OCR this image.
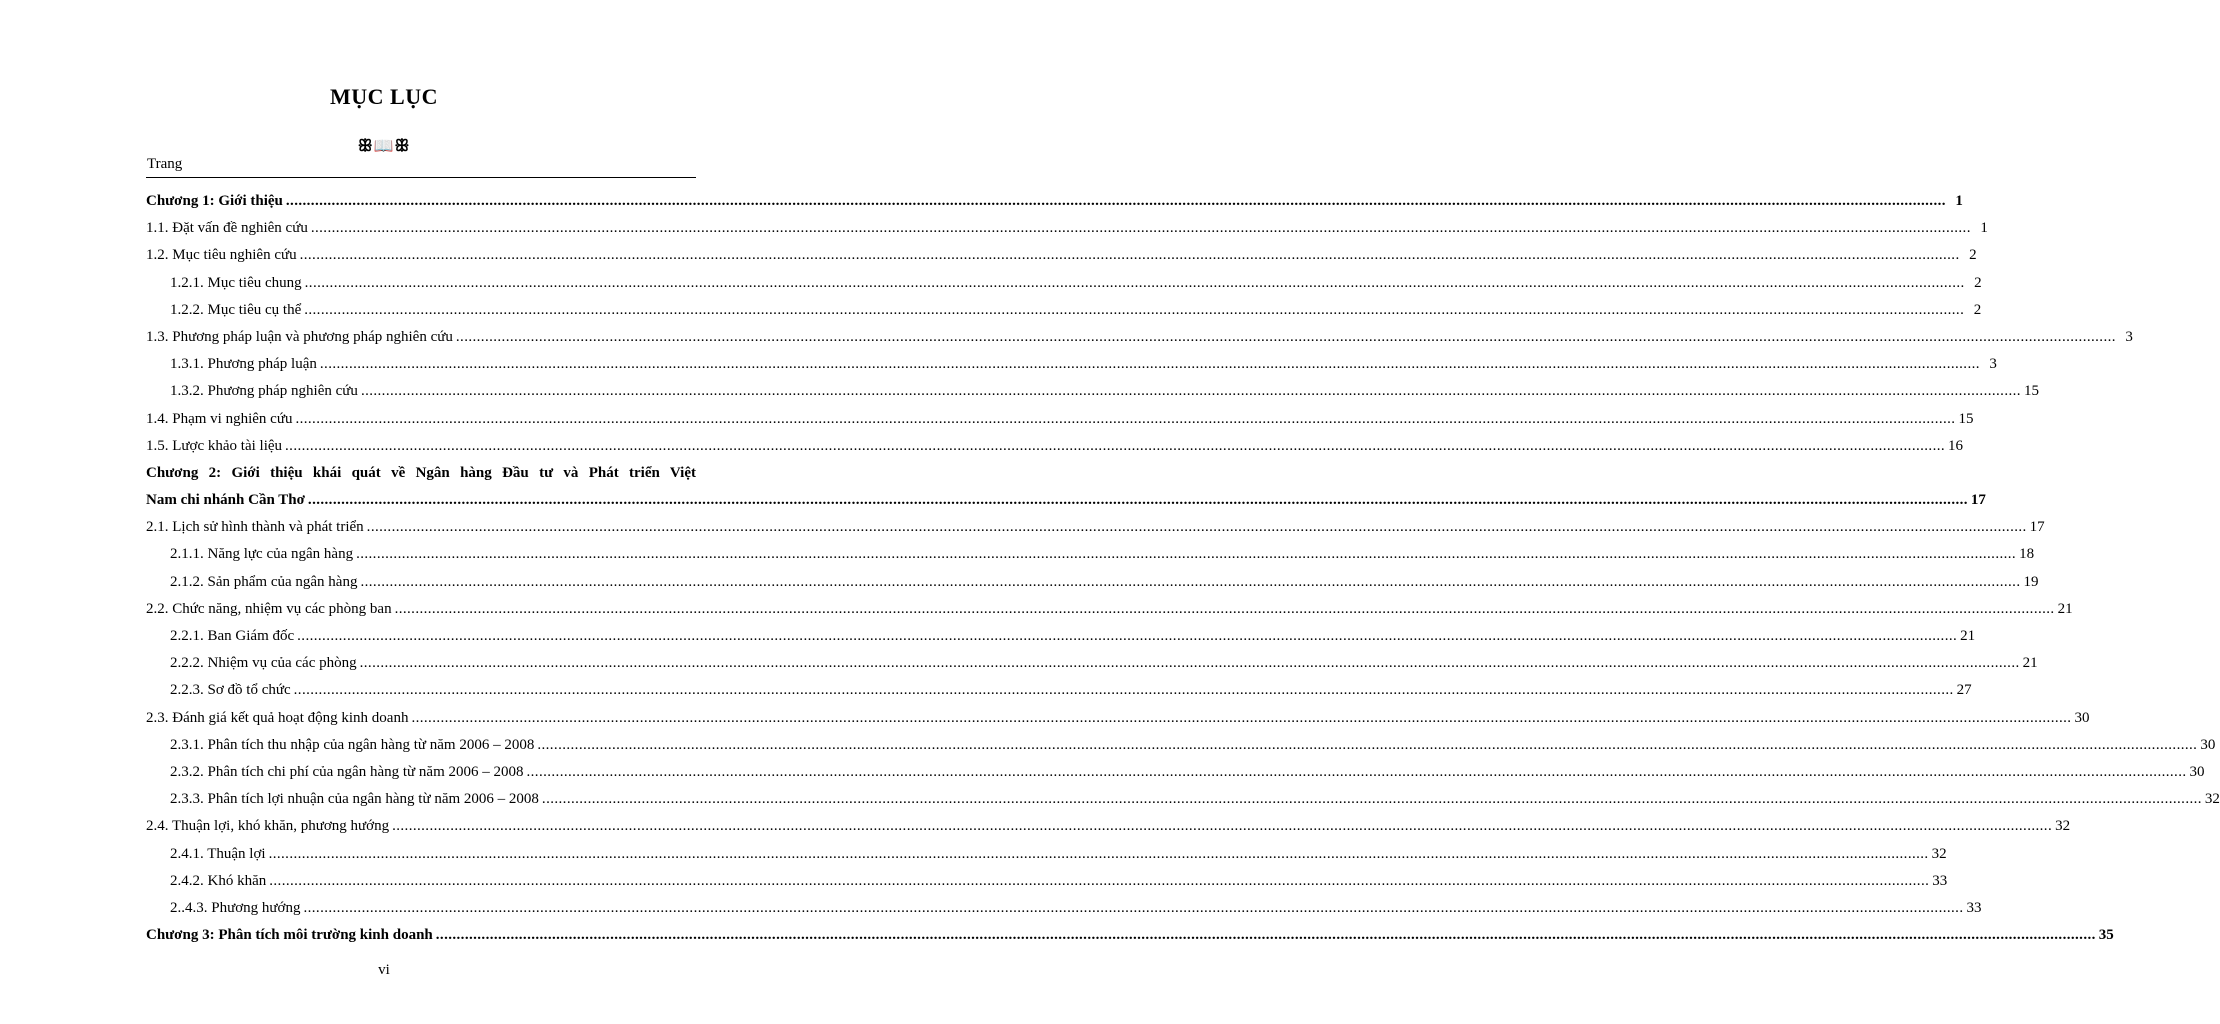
MỤC LỤC
ꕥ📖ꕥ
Trang
Chương 1: Giới thiệu ................................................................................................................................................................................................................................................................................................................................................................................................................ 1
1.1. Đặt vấn đề nghiên cứu ................................................................................................................................................................................................................................................................................................................................................................................................................ 1
1.2. Mục tiêu nghiên cứu ................................................................................................................................................................................................................................................................................................................................................................................................................ 2
1.2.1. Mục tiêu chung ................................................................................................................................................................................................................................................................................................................................................................................................................ 2
1.2.2. Mục tiêu cụ thể ................................................................................................................................................................................................................................................................................................................................................................................................................ 2
1.3. Phương pháp luận và phương pháp nghiên cứu ................................................................................................................................................................................................................................................................................................................................................................................................................ 3
1.3.1. Phương pháp luận ................................................................................................................................................................................................................................................................................................................................................................................................................ 3
1.3.2. Phương pháp nghiên cứu ................................................................................................................................................................................................................................................................................................................................................................................................................ 15
1.4. Phạm vi nghiên cứu ................................................................................................................................................................................................................................................................................................................................................................................................................ 15
1.5. Lược khảo tài liệu ................................................................................................................................................................................................................................................................................................................................................................................................................ 16
Chương 2: Giới thiệu khái quát về Ngân hàng Đầu tư và Phát triển Việt
Nam chi nhánh Cần Thơ ................................................................................................................................................................................................................................................................................................................................................................................................................ 17
2.1. Lịch sử hình thành và phát triển ................................................................................................................................................................................................................................................................................................................................................................................................................ 17
2.1.1. Năng lực của ngân hàng ................................................................................................................................................................................................................................................................................................................................................................................................................ 18
2.1.2. Sản phẩm của ngân hàng ................................................................................................................................................................................................................................................................................................................................................................................................................ 19
2.2. Chức năng, nhiệm vụ các phòng ban ................................................................................................................................................................................................................................................................................................................................................................................................................ 21
2.2.1. Ban Giám đốc ................................................................................................................................................................................................................................................................................................................................................................................................................ 21
2.2.2. Nhiệm vụ của các phòng ................................................................................................................................................................................................................................................................................................................................................................................................................ 21
2.2.3. Sơ đồ tổ chức ................................................................................................................................................................................................................................................................................................................................................................................................................ 27
2.3. Đánh giá kết quả hoạt động kinh doanh ................................................................................................................................................................................................................................................................................................................................................................................................................ 30
2.3.1. Phân tích thu nhập của ngân hàng từ năm 2006 – 2008 ................................................................................................................................................................................................................................................................................................................................................................................................................ 30
2.3.2. Phân tích chi phí của ngân hàng từ năm 2006 – 2008 ................................................................................................................................................................................................................................................................................................................................................................................................................ 30
2.3.3. Phân tích lợi nhuận của ngân hàng từ năm 2006 – 2008 ................................................................................................................................................................................................................................................................................................................................................................................................................ 32
2.4. Thuận lợi, khó khăn, phương hướng ................................................................................................................................................................................................................................................................................................................................................................................................................ 32
2.4.1. Thuận lợi ................................................................................................................................................................................................................................................................................................................................................................................................................ 32
2.4.2. Khó khăn ................................................................................................................................................................................................................................................................................................................................................................................................................ 33
2..4.3. Phương hướng ................................................................................................................................................................................................................................................................................................................................................................................................................ 33
Chương 3: Phân tích môi trường kinh doanh ................................................................................................................................................................................................................................................................................................................................................................................................................ 35
vi
